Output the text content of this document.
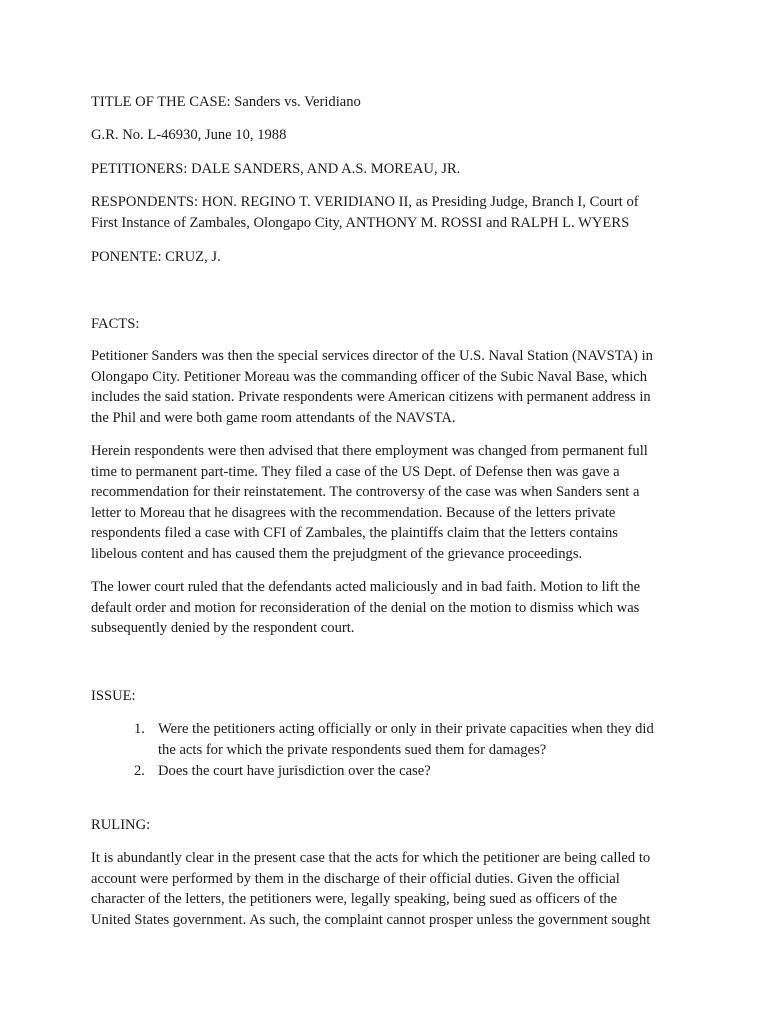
TITLE OF THE CASE: Sanders vs. Veridiano

G.R. No. L-46930, June 10, 1988

PETITIONERS: DALE SANDERS, AND A.S. MOREAU, JR.

RESPONDENTS: HON. REGINO T. VERIDIANO II, as Presiding Judge, Branch I, Court of
First Instance of Zambales, Olongapo City, ANTHONY M. ROSSI and RALPH L. WYERS

PONENTE: CRUZ, J.

FACTS:

Petitioner Sanders was then the special services director of the U.S. Naval Station (NAVSTA) in
Olongapo City. Petitioner Moreau was the commanding officer of the Subic Naval Base, which
includes the said station. Private respondents were American citizens with permanent address in
the Phil and were both game room attendants of the NAVSTA.
Herein respondents were then advised that there employment was changed from permanent full
time to permanent part-time. They filed a case of the US Dept. of Defense then was gave a
recommendation for their reinstatement. The controversy of the case was when Sanders sent a
letter to Moreau that he disagrees with the recommendation. Because of the letters private
respondents filed a case with CFI of Zambales, the plaintiffs claim that the letters contains
libelous content and has caused them the prejudgment of the grievance proceedings.
The lower court ruled that the defendants acted maliciously and in bad faith. Motion to lift the
default order and motion for reconsideration of the denial on the motion to dismiss which was
subsequently denied by the respondent court.

ISSUE:

1. Were the petitioners acting officially or only in their private capacities when they did
the acts for which the private respondents sued them for damages?
2. Does the court have jurisdiction over the case?

RULING:

It is abundantly clear in the present case that the acts for which the petitioner are being called to
account were performed by them in the discharge of their official duties. Given the official
character of the letters, the petitioners were, legally speaking, being sued as officers of the
United States government. As such, the complaint cannot prosper unless the government sought
